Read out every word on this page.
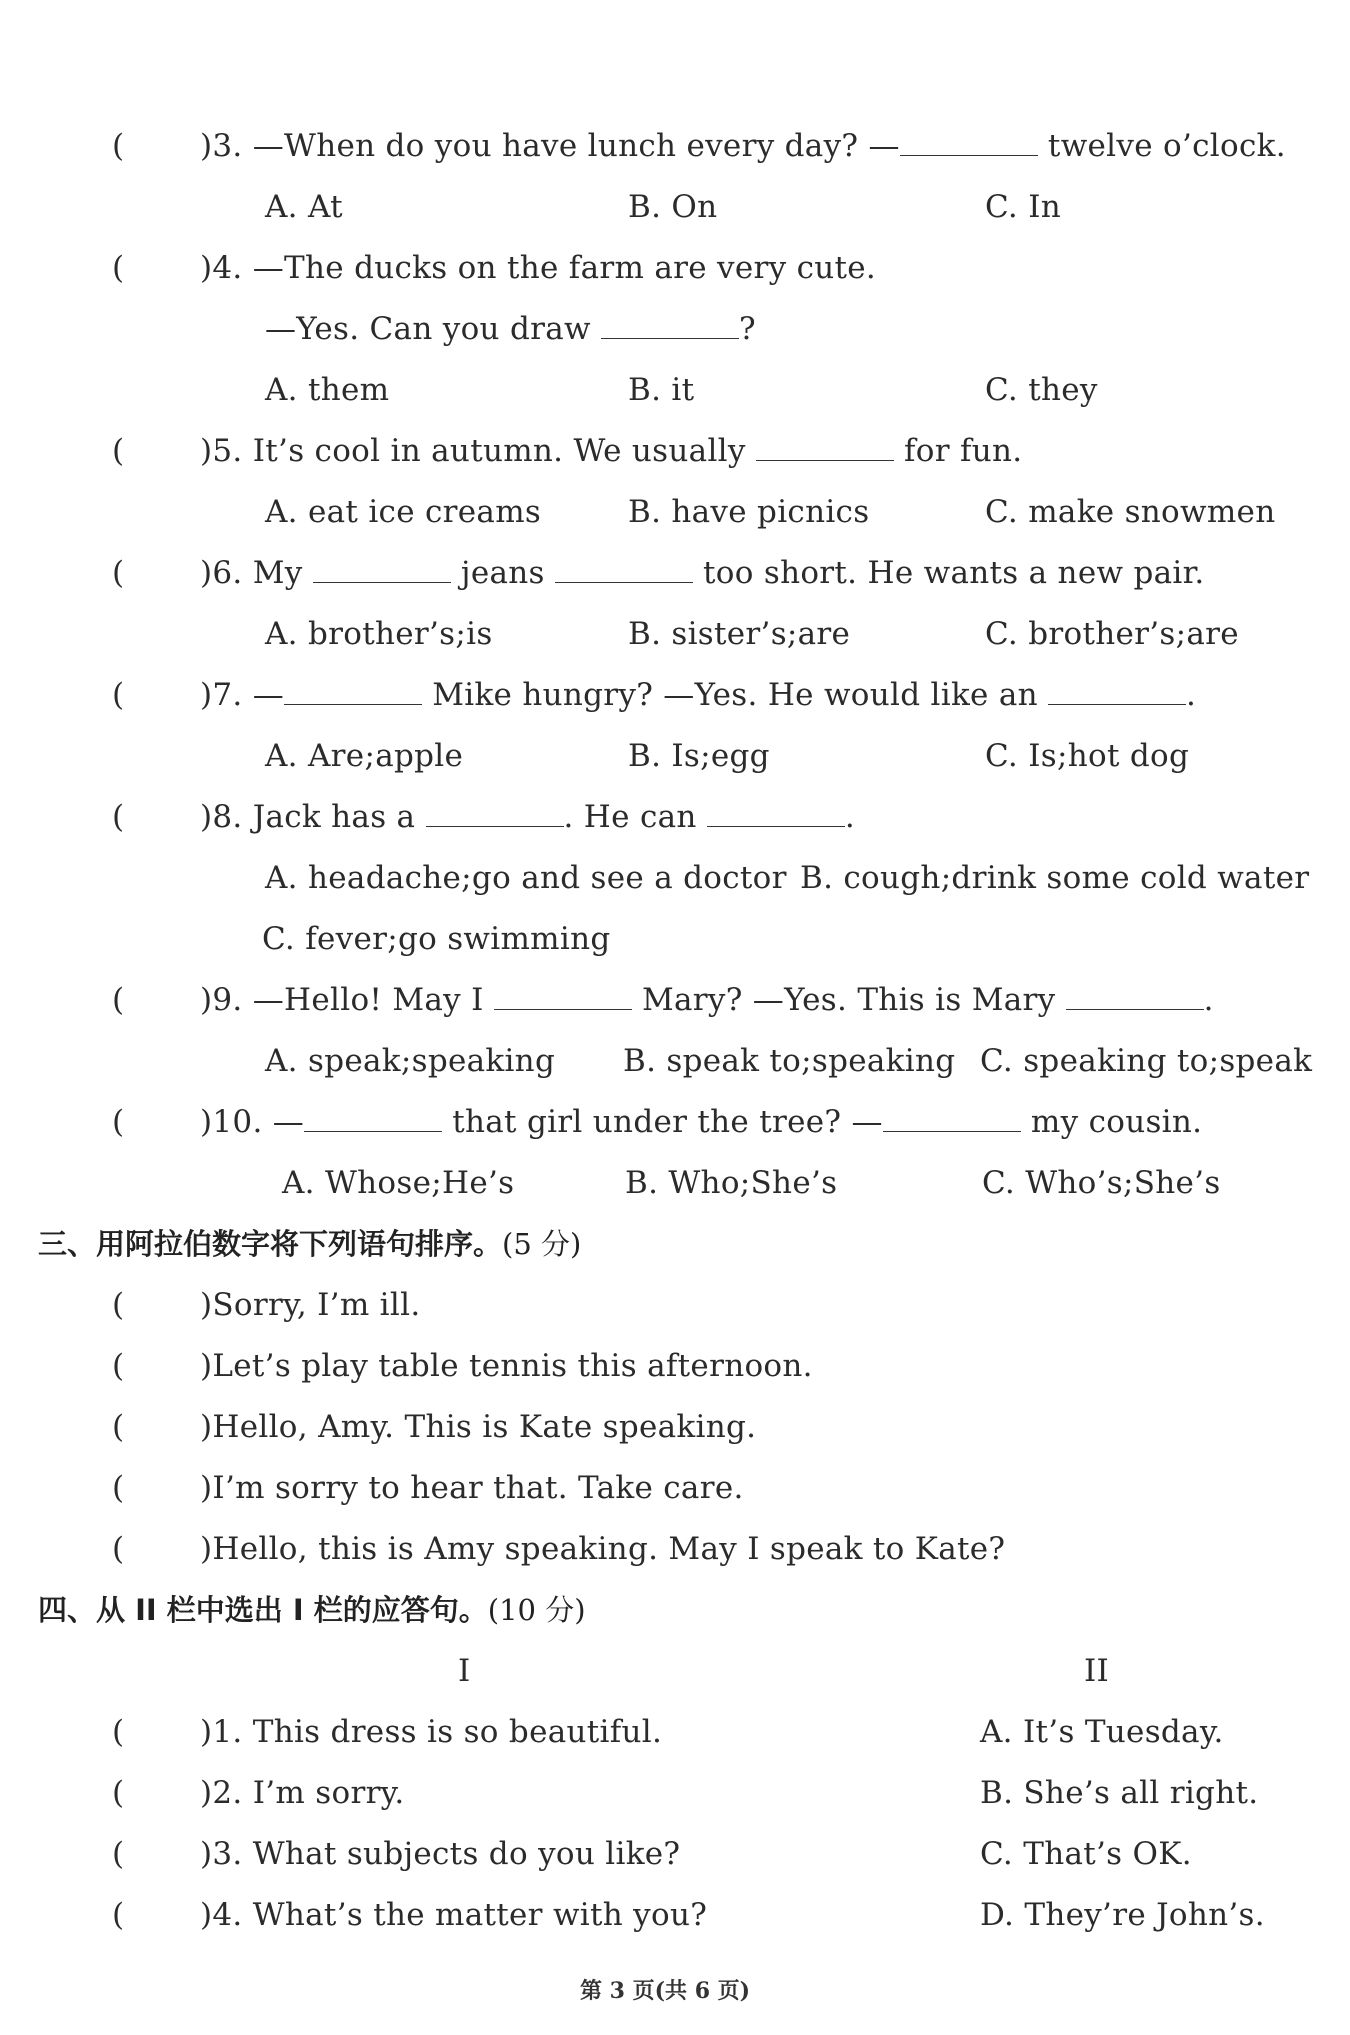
( )3. —When do you have lunch every day? —	twelve o’clock.
A. At	B. On	C. In
( )4. —The ducks on the farm are very cute.
—Yes. Can you draw	?
A. them	B. it	C. they
( )5. It’s cool in autumn. We usually	for fun.
A. eat ice creams	B. have picnics	C. make snowmen
( )6. My	jeans	too short. He wants a new pair.
A. brother’s;is	B. sister’s;are	C. brother’s;are
( )7. —	Mike hungry? —Yes. He would like an	.
A. Are;apple	B. Is;egg	C. Is;hot dog
( )8. Jack has a	. He can	.
A. headache;go and see a doctor B. cough;drink some cold water
C. fever;go swimming
( )9. —Hello! May I	Mary? —Yes. This is Mary	.
A. speak;speaking B. speak to;speaking C. speaking to;speak
( )10. —	that girl under the tree? —	my cousin.
A. Whose;He’s	B. Who;She’s	C. Who’s;She’s
三、用阿拉伯数字将下列语句排序。(5 分)
( )Sorry, I’m ill.
( )Let’s play table tennis this afternoon.
( )Hello, Amy. This is Kate speaking.
( )I’m sorry to hear that. Take care.
( )Hello, this is Amy speaking. May I speak to Kate?
四、从 II 栏中选出 I 栏的应答句。(10 分)
I	II
( )1. This dress is so beautiful.	A. It’s Tuesday.
( )2. I’m sorry.	B. She’s all right.
( )3. What subjects do you like?	C. That’s OK.
( )4. What’s the matter with you?	D. They’re John’s.
第 3 页(共 6 页)
